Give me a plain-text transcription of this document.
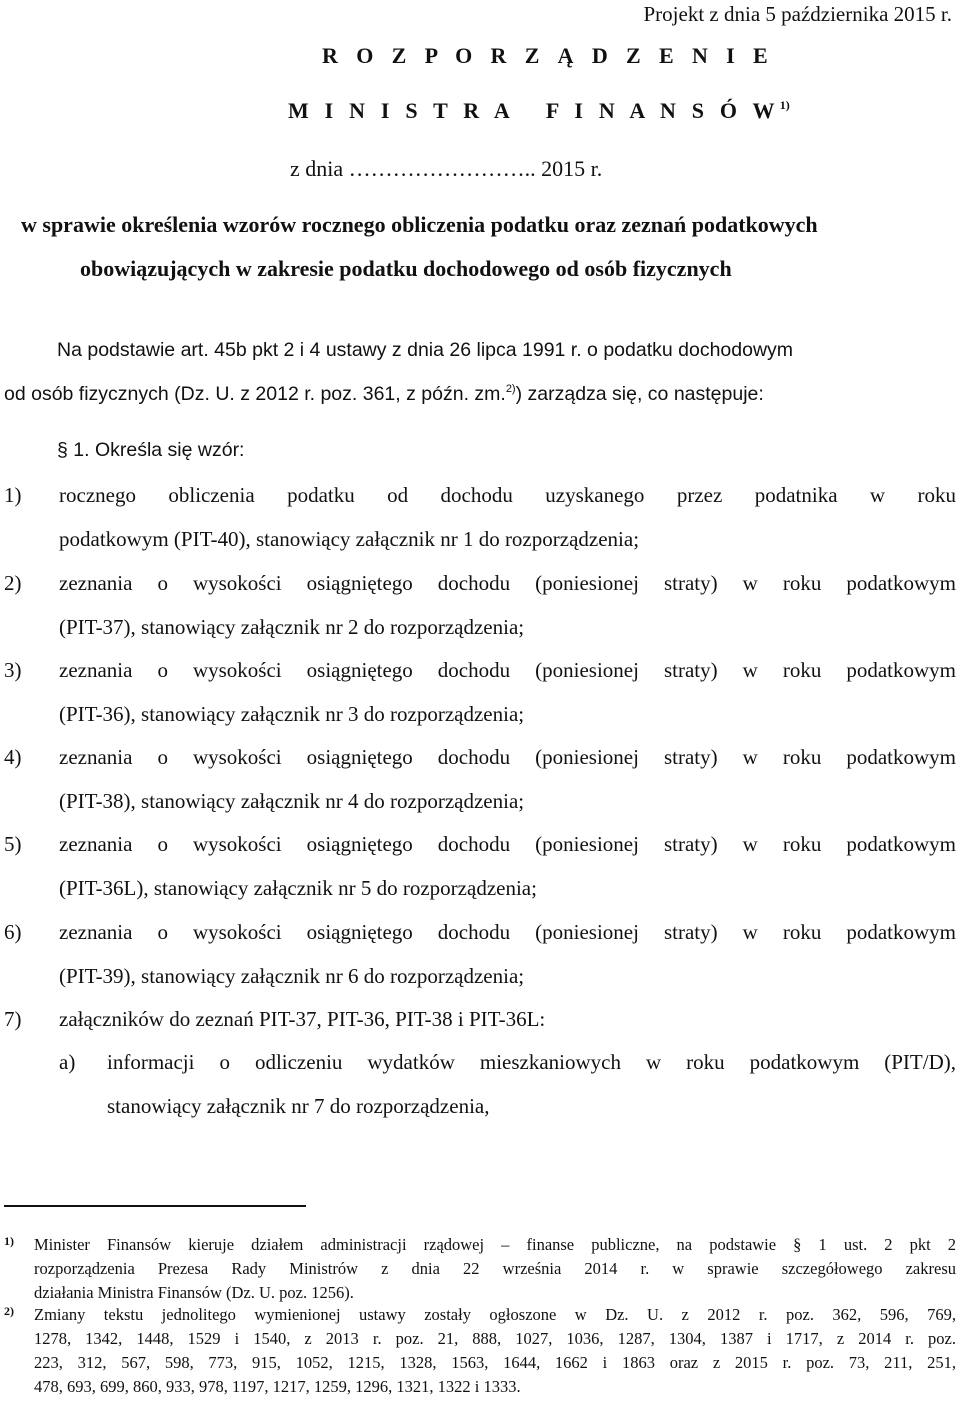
Projekt z dnia 5 października 2015 r.
R O Z P O R Z Ą D Z E N I E
M I N I S T R A   F I N A N S Ó $W^{1)}$
z dnia …………………….. 2015 r.
w sprawie określenia wzorów rocznego obliczenia podatku oraz zeznań podatkowych
obowiązujących w zakresie podatku dochodowego od osób fizycznych
Na podstawie art. 45b pkt 2 i 4 ustawy z dnia 26 lipca 1991 r. o podatku dochodowym
od osób fizycznych (Dz. U. z 2012 r. poz. 361, z późn. zm.$^{2)}$) zarządza się, co następuje:
§ 1. Określa się wzór:
1) rocznego obliczenia podatku od dochodu uzyskanego przez podatnika w roku
podatkowym (PIT-40), stanowiący załącznik nr 1 do rozporządzenia;
2) zeznania o wysokości osiągniętego dochodu (poniesionej straty) w roku podatkowym
(PIT-37), stanowiący załącznik nr 2 do rozporządzenia;
3) zeznania o wysokości osiągniętego dochodu (poniesionej straty) w roku podatkowym
(PIT-36), stanowiący załącznik nr 3 do rozporządzenia;
4) zeznania o wysokości osiągniętego dochodu (poniesionej straty) w roku podatkowym
(PIT-38), stanowiący załącznik nr 4 do rozporządzenia;
5) zeznania o wysokości osiągniętego dochodu (poniesionej straty) w roku podatkowym
(PIT-36L), stanowiący załącznik nr 5 do rozporządzenia;
6) zeznania o wysokości osiągniętego dochodu (poniesionej straty) w roku podatkowym
(PIT-39), stanowiący załącznik nr 6 do rozporządzenia;
7) załączników do zeznań PIT-37, PIT-36, PIT-38 i PIT-36L:
a) informacji o odliczeniu wydatków mieszkaniowych w roku podatkowym (PIT/D),
stanowiący załącznik nr 7 do rozporządzenia,
1) Minister Finansów kieruje działem administracji rządowej – finanse publiczne, na podstawie § 1 ust. 2 pkt 2
rozporządzenia Prezesa Rady Ministrów z dnia 22 września 2014 r. w sprawie szczegółowego zakresu
działania Ministra Finansów (Dz. U. poz. 1256).
2) Zmiany tekstu jednolitego wymienionej ustawy zostały ogłoszone w Dz. U. z 2012 r. poz. 362, 596, 769,
1278, 1342, 1448, 1529 i 1540, z 2013 r. poz. 21, 888, 1027, 1036, 1287, 1304, 1387 i 1717, z 2014 r. poz.
223, 312, 567, 598, 773, 915, 1052, 1215, 1328, 1563, 1644, 1662 i 1863 oraz z 2015 r. poz. 73, 211, 251,
478, 693, 699, 860, 933, 978, 1197, 1217, 1259, 1296, 1321, 1322 i 1333.
